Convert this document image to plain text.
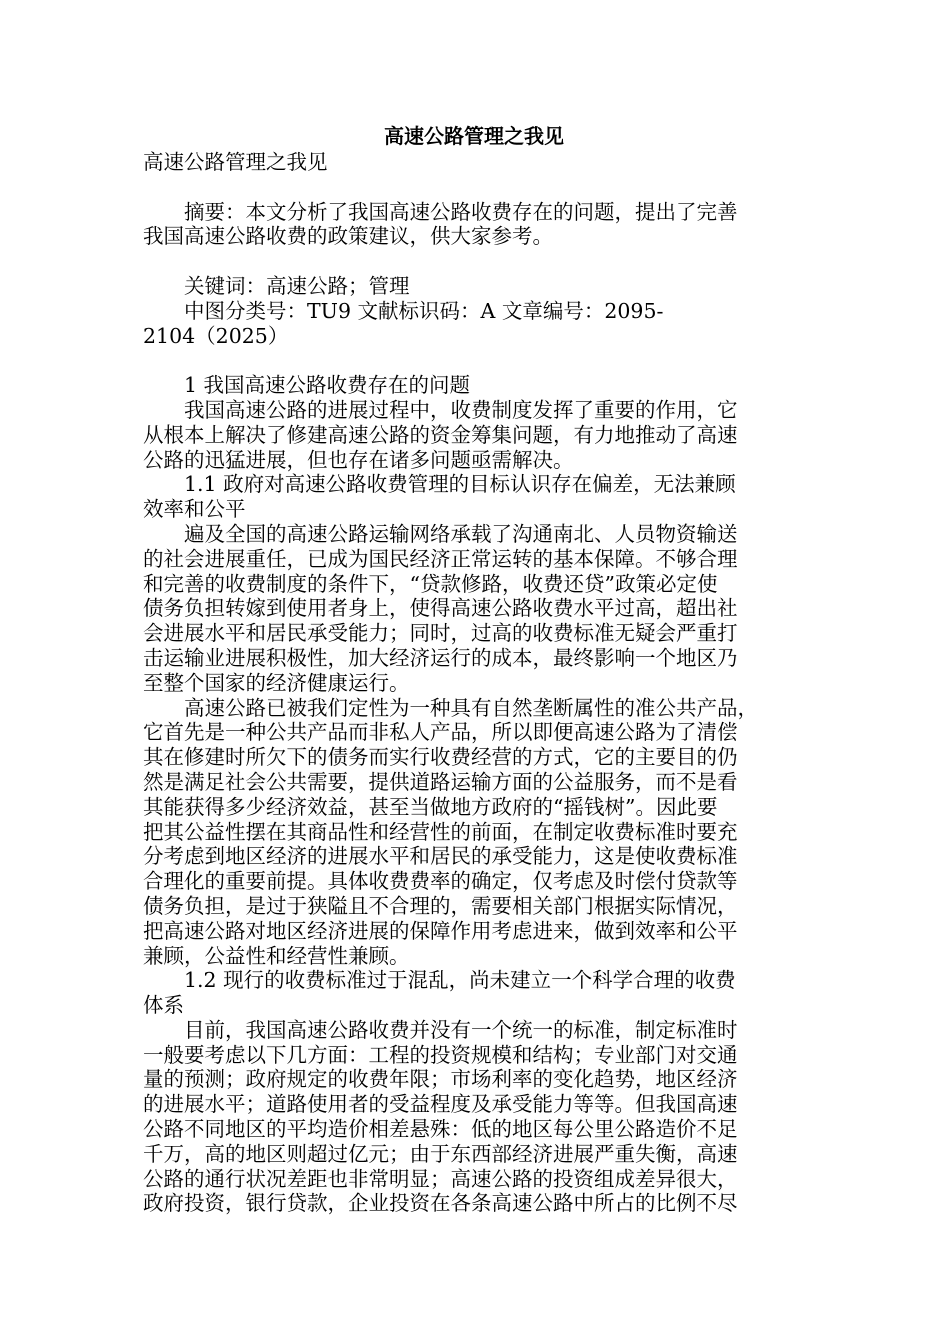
高速公路管理之我见
高速公路管理之我见
　　摘要：本文分析了我国高速公路收费存在的问题，提出了完善
我国高速公路收费的政策建议，供大家参考。
　　关键词：高速公路；管理
　　中图分类号：TU9 文献标识码：A 文章编号：2095-
2104（2025）
　　1 我国高速公路收费存在的问题
　　我国高速公路的进展过程中，收费制度发挥了重要的作用，它
从根本上解决了修建高速公路的资金筹集问题，有力地推动了高速
公路的迅猛进展，但也存在诸多问题亟需解决。
　　1.1 政府对高速公路收费管理的目标认识存在偏差，无法兼顾
效率和公平
　　遍及全国的高速公路运输网络承载了沟通南北、人员物资输送
的社会进展重任，已成为国民经济正常运转的基本保障。不够合理
和完善的收费制度的条件下，“贷款修路，收费还贷”政策必定使
债务负担转嫁到使用者身上，使得高速公路收费水平过高，超出社
会进展水平和居民承受能力；同时，过高的收费标准无疑会严重打
击运输业进展积极性，加大经济运行的成本，最终影响一个地区乃
至整个国家的经济健康运行。
　　高速公路已被我们定性为一种具有自然垄断属性的准公共产品，
它首先是一种公共产品而非私人产品，所以即便高速公路为了清偿
其在修建时所欠下的债务而实行收费经营的方式，它的主要目的仍
然是满足社会公共需要，提供道路运输方面的公益服务，而不是看
其能获得多少经济效益，甚至当做地方政府的“摇钱树”。因此要
把其公益性摆在其商品性和经营性的前面，在制定收费标准时要充
分考虑到地区经济的进展水平和居民的承受能力，这是使收费标准
合理化的重要前提。具体收费费率的确定，仅考虑及时偿付贷款等
债务负担，是过于狭隘且不合理的，需要相关部门根据实际情况，
把高速公路对地区经济进展的保障作用考虑进来，做到效率和公平
兼顾，公益性和经营性兼顾。
　　1.2 现行的收费标准过于混乱，尚未建立一个科学合理的收费
体系
　　目前，我国高速公路收费并没有一个统一的标准，制定标准时
一般要考虑以下几方面：工程的投资规模和结构；专业部门对交通
量的预测；政府规定的收费年限；市场利率的变化趋势，地区经济
的进展水平；道路使用者的受益程度及承受能力等等。但我国高速
公路不同地区的平均造价相差悬殊：低的地区每公里公路造价不足
千万，高的地区则超过亿元；由于东西部经济进展严重失衡，高速
公路的通行状况差距也非常明显；高速公路的投资组成差异很大，
政府投资，银行贷款，企业投资在各条高速公路中所占的比例不尽
